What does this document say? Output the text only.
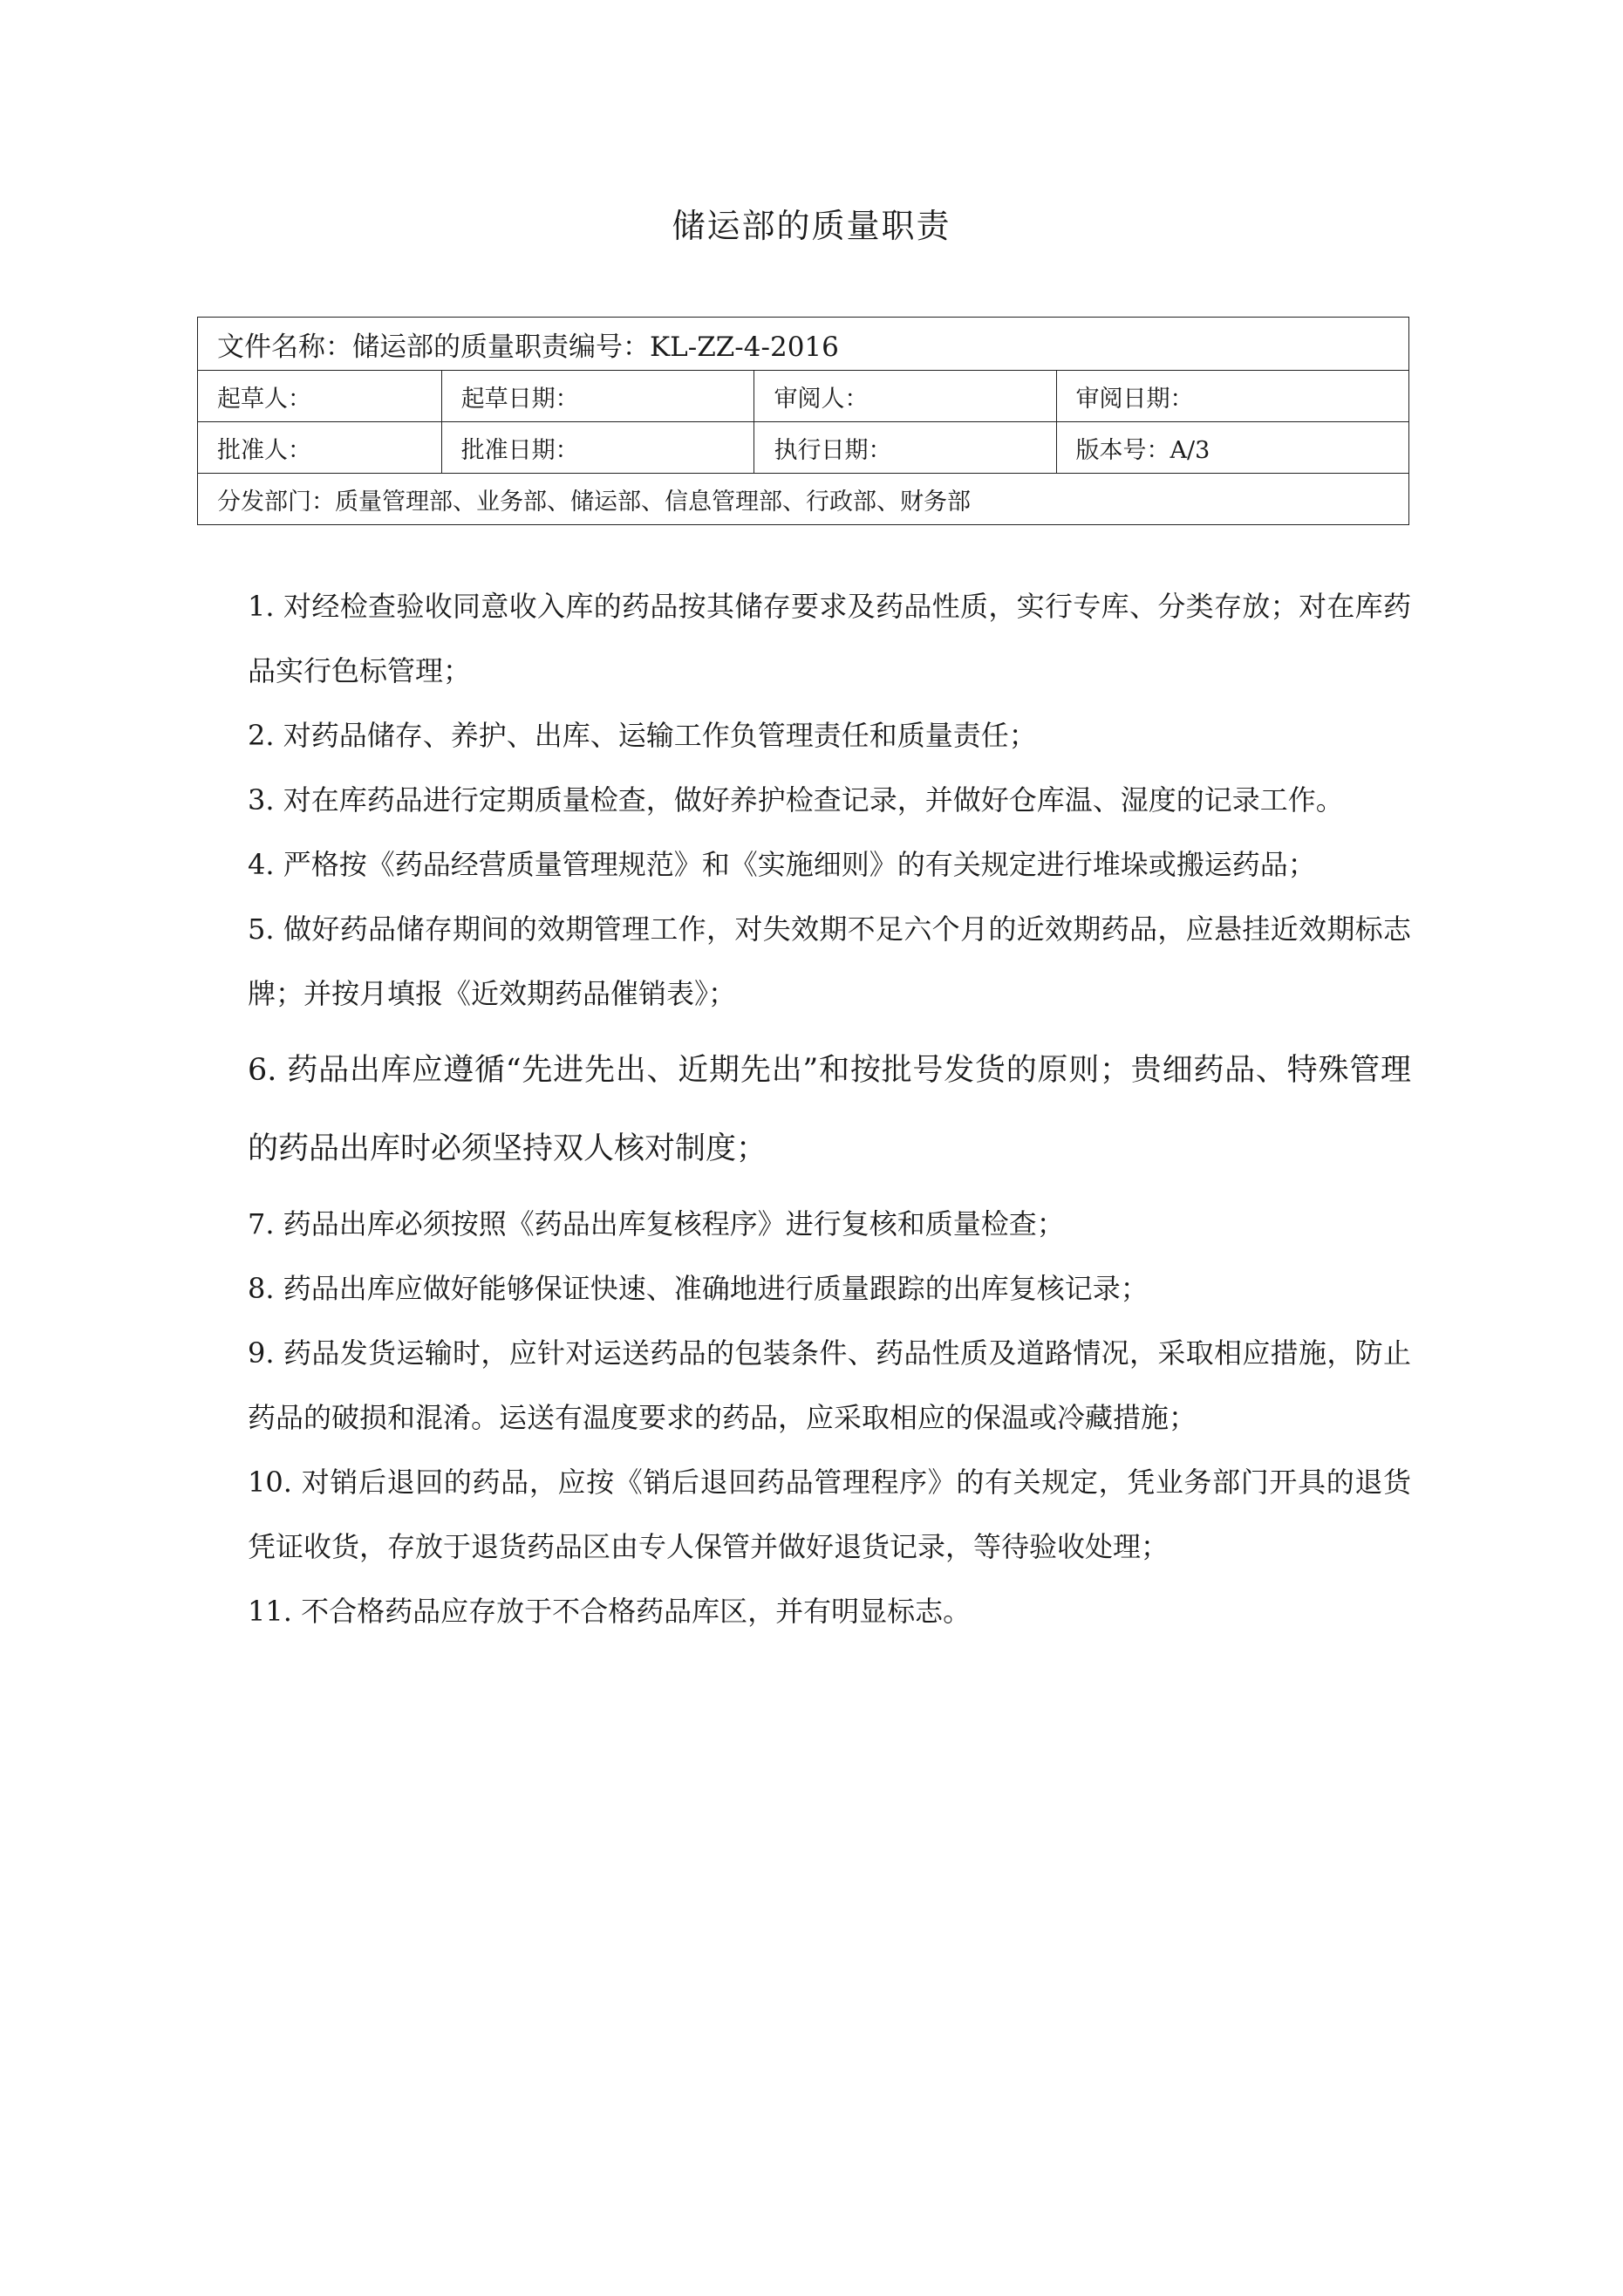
储运部的质量职责
文件名称：储运部的质量职责编号：KL-ZZ-4-2016			
起草人：	起草日期：	审阅人：	审阅日期：
批准人：	批准日期：	执行日期：	版本号：A/3
分发部门：质量管理部、业务部、储运部、信息管理部、行政部、财务部			
1. 对经检查验收同意收入库的药品按其储存要求及药品性质，实行专库、分类存放；对在库药品实行色标管理；
2. 对药品储存、养护、出库、运输工作负管理责任和质量责任；
3. 对在库药品进行定期质量检查，做好养护检查记录，并做好仓库温、湿度的记录工作。
4. 严格按《药品经营质量管理规范》和《实施细则》的有关规定进行堆垛或搬运药品；
5. 做好药品储存期间的效期管理工作，对失效期不足六个月的近效期药品，应悬挂近效期标志牌；并按月填报《近效期药品催销表》；
6. 药品出库应遵循“先进先出、近期先出”和按批号发货的原则；贵细药品、特殊管理的药品出库时必须坚持双人核对制度；
7. 药品出库必须按照《药品出库复核程序》进行复核和质量检查；
8. 药品出库应做好能够保证快速、准确地进行质量跟踪的出库复核记录；
9. 药品发货运输时，应针对运送药品的包装条件、药品性质及道路情况，采取相应措施，防止药品的破损和混淆。运送有温度要求的药品，应采取相应的保温或冷藏措施；
10. 对销后退回的药品，应按《销后退回药品管理程序》的有关规定，凭业务部门开具的退货凭证收货，存放于退货药品区由专人保管并做好退货记录，等待验收处理；
11. 不合格药品应存放于不合格药品库区，并有明显标志。
